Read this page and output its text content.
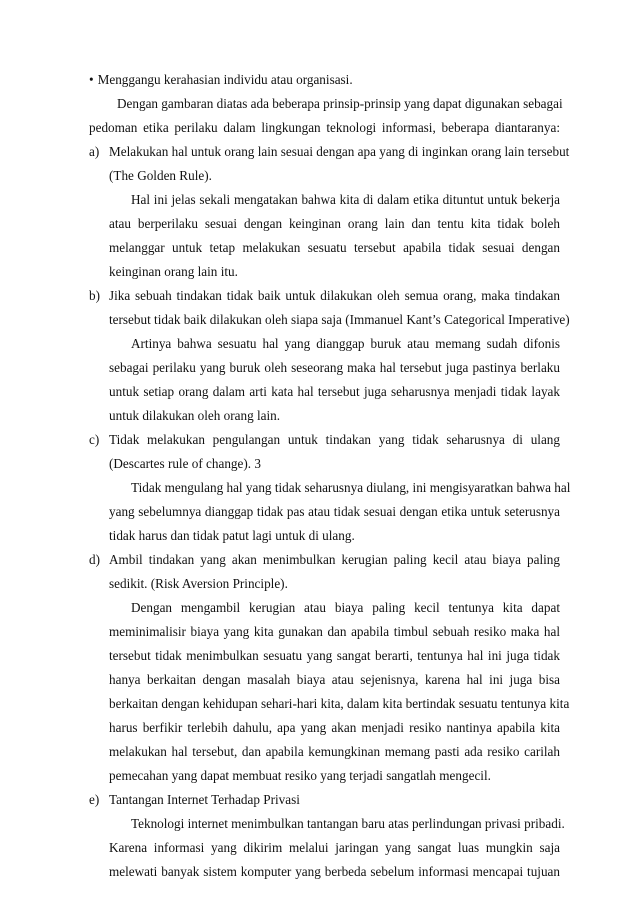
• Menggangu kerahasian individu atau organisasi.
Dengan gambaran diatas ada beberapa prinsip-prinsip yang dapat digunakan sebagai
pedoman etika perilaku dalam lingkungan teknologi informasi, beberapa diantaranya:
a) Melakukan hal untuk orang lain sesuai dengan apa yang di inginkan orang lain tersebut
(The Golden Rule).
Hal ini jelas sekali mengatakan bahwa kita di dalam etika dituntut untuk bekerja
atau berperilaku sesuai dengan keinginan orang lain dan tentu kita tidak boleh
melanggar untuk tetap melakukan sesuatu tersebut apabila tidak sesuai dengan
keinginan orang lain itu.
b) Jika sebuah tindakan tidak baik untuk dilakukan oleh semua orang, maka tindakan
tersebut tidak baik dilakukan oleh siapa saja (Immanuel Kant’s Categorical Imperative)
Artinya bahwa sesuatu hal yang dianggap buruk atau memang sudah difonis
sebagai perilaku yang buruk oleh seseorang maka hal tersebut juga pastinya berlaku
untuk setiap orang dalam arti kata hal tersebut juga seharusnya menjadi tidak layak
untuk dilakukan oleh orang lain.
c) Tidak melakukan pengulangan untuk tindakan yang tidak seharusnya di ulang
(Descartes rule of change). 3
Tidak mengulang hal yang tidak seharusnya diulang, ini mengisyaratkan bahwa hal
yang sebelumnya dianggap tidak pas atau tidak sesuai dengan etika untuk seterusnya
tidak harus dan tidak patut lagi untuk di ulang.
d) Ambil tindakan yang akan menimbulkan kerugian paling kecil atau biaya paling
sedikit. (Risk Aversion Principle).
Dengan mengambil kerugian atau biaya paling kecil tentunya kita dapat
meminimalisir biaya yang kita gunakan dan apabila timbul sebuah resiko maka hal
tersebut tidak menimbulkan sesuatu yang sangat berarti, tentunya hal ini juga tidak
hanya berkaitan dengan masalah biaya atau sejenisnya, karena hal ini juga bisa
berkaitan dengan kehidupan sehari-hari kita, dalam kita bertindak sesuatu tentunya kita
harus berfikir terlebih dahulu, apa yang akan menjadi resiko nantinya apabila kita
melakukan hal tersebut, dan apabila kemungkinan memang pasti ada resiko carilah
pemecahan yang dapat membuat resiko yang terjadi sangatlah mengecil.
e) Tantangan Internet Terhadap Privasi
Teknologi internet menimbulkan tantangan baru atas perlindungan privasi pribadi.
Karena informasi yang dikirim melalui jaringan yang sangat luas mungkin saja
melewati banyak sistem komputer yang berbeda sebelum informasi mencapai tujuan
